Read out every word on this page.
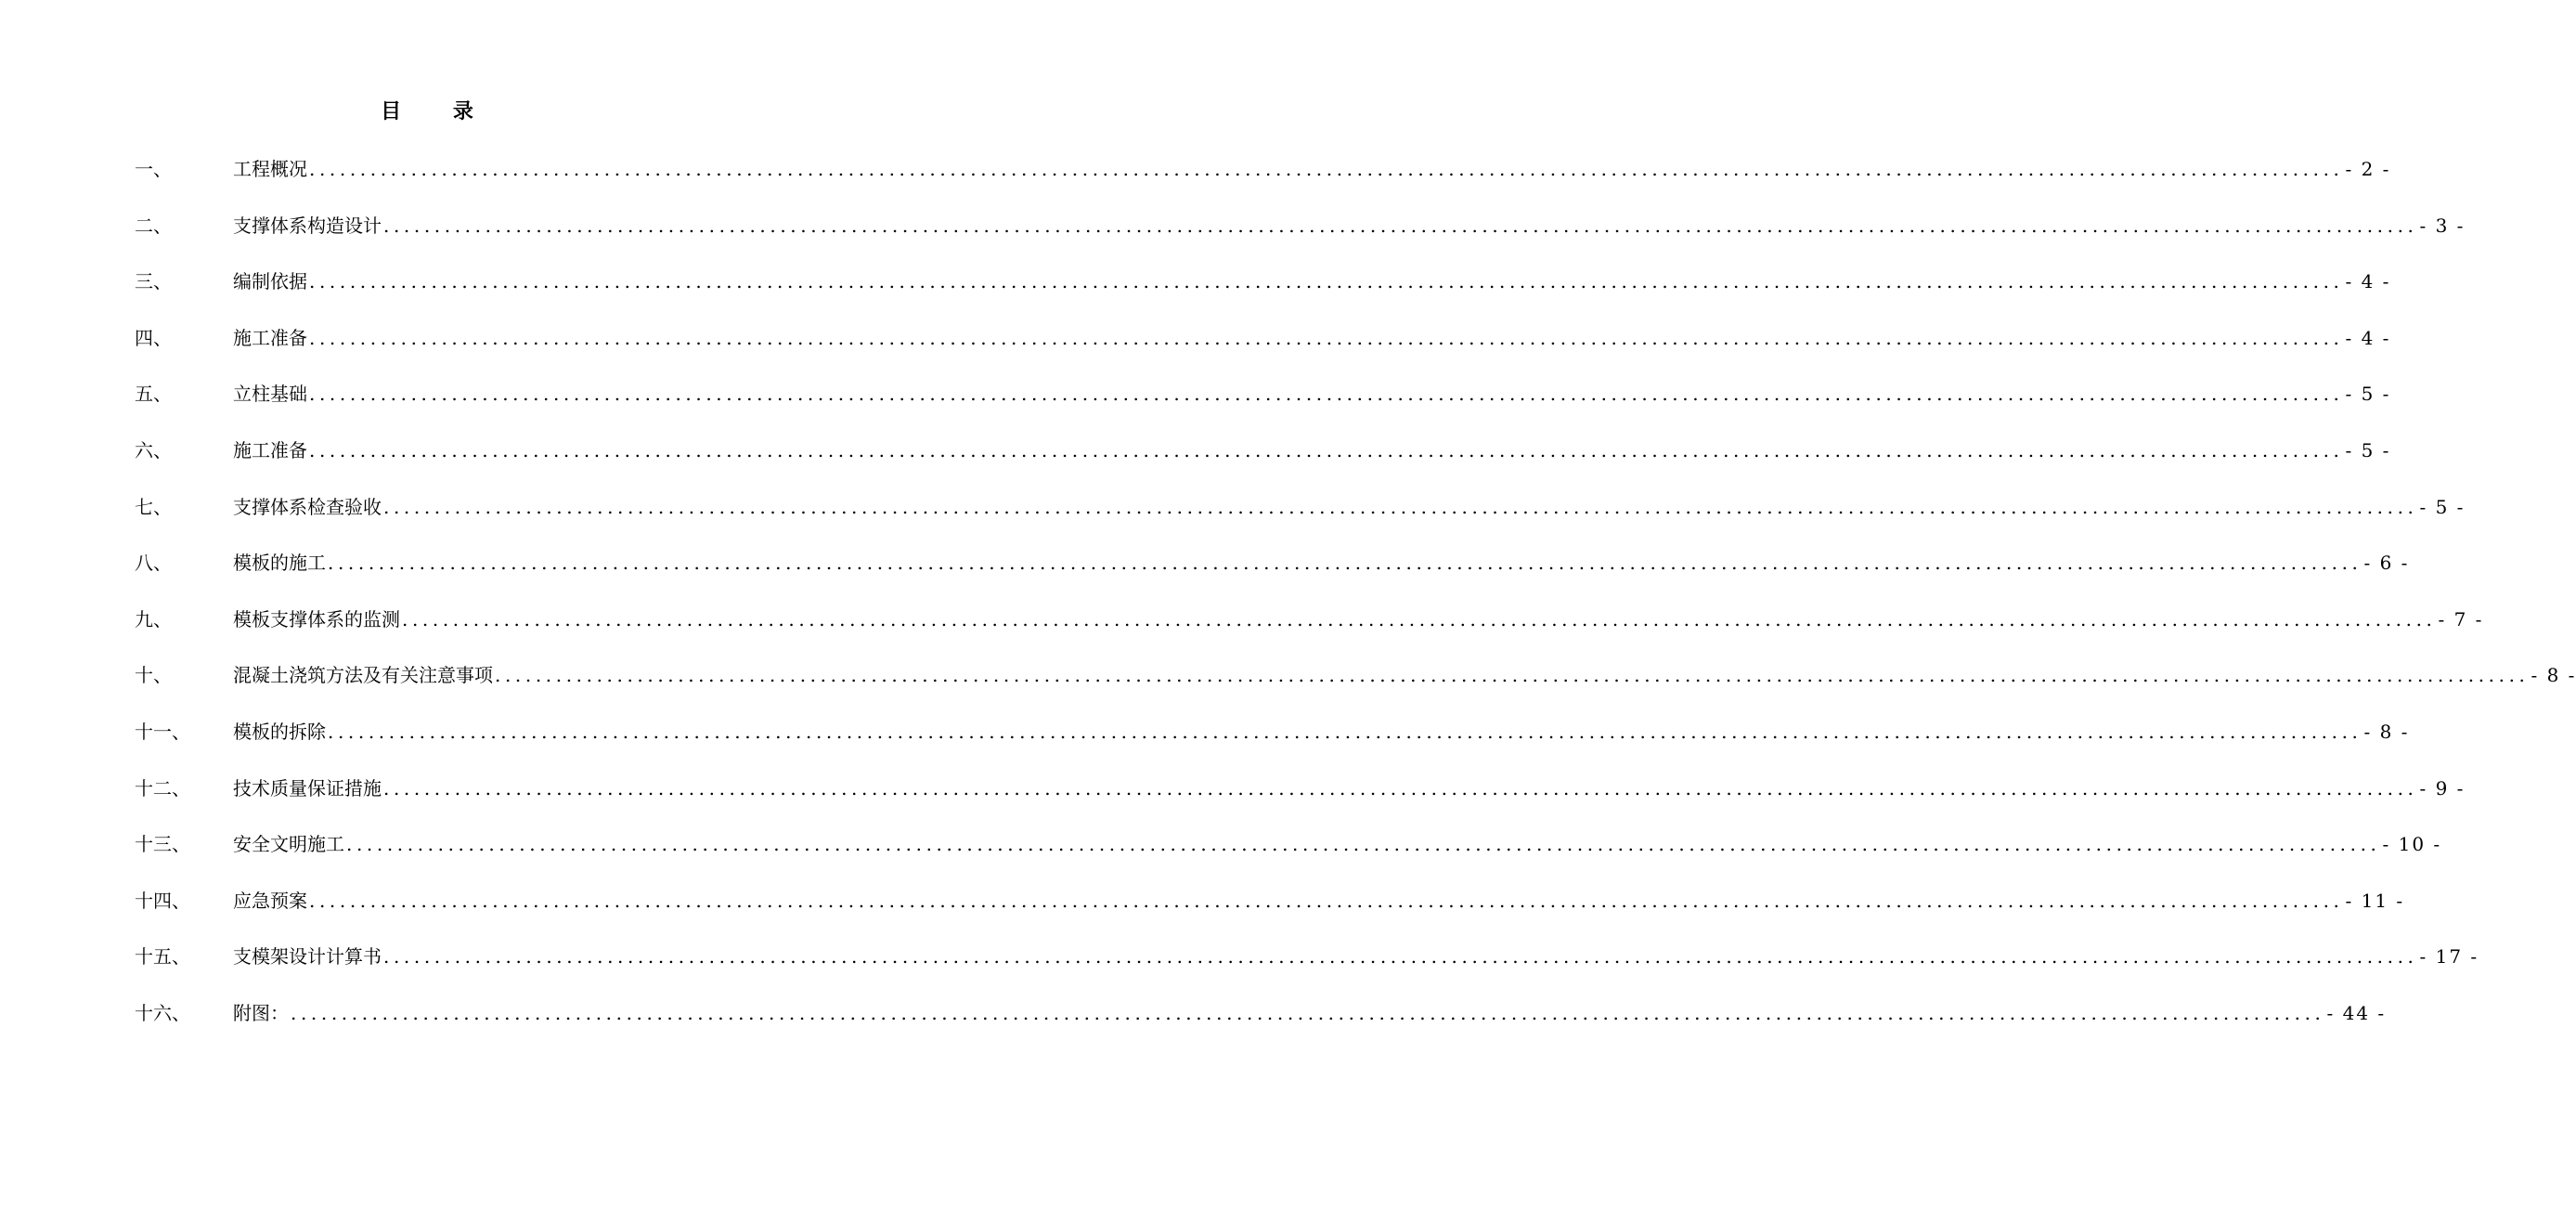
目 录
一、	工程概况 ........................................................................................................................................................................................................ - 2 -
二、	支撑体系构造设计 ........................................................................................................................................................................................................ - 3 -
三、	编制依据 ........................................................................................................................................................................................................ - 4 -
四、	施工准备 ........................................................................................................................................................................................................ - 4 -
五、	立柱基础 ........................................................................................................................................................................................................ - 5 -
六、	施工准备 ........................................................................................................................................................................................................ - 5 -
七、	支撑体系检查验收 ........................................................................................................................................................................................................ - 5 -
八、	模板的施工 ........................................................................................................................................................................................................ - 6 -
九、	模板支撑体系的监测 ........................................................................................................................................................................................................ - 7 -
十、	混凝土浇筑方法及有关注意事项 ........................................................................................................................................................................................................ - 8 -
十一、	模板的拆除 ........................................................................................................................................................................................................ - 8 -
十二、	技术质量保证措施 ........................................................................................................................................................................................................ - 9 -
十三、	安全文明施工 ........................................................................................................................................................................................................ - 10 -
十四、	应急预案 ........................................................................................................................................................................................................ - 11 -
十五、	支模架设计计算书 ........................................................................................................................................................................................................ - 17 -
十六、	附图： ........................................................................................................................................................................................................ - 44 -
